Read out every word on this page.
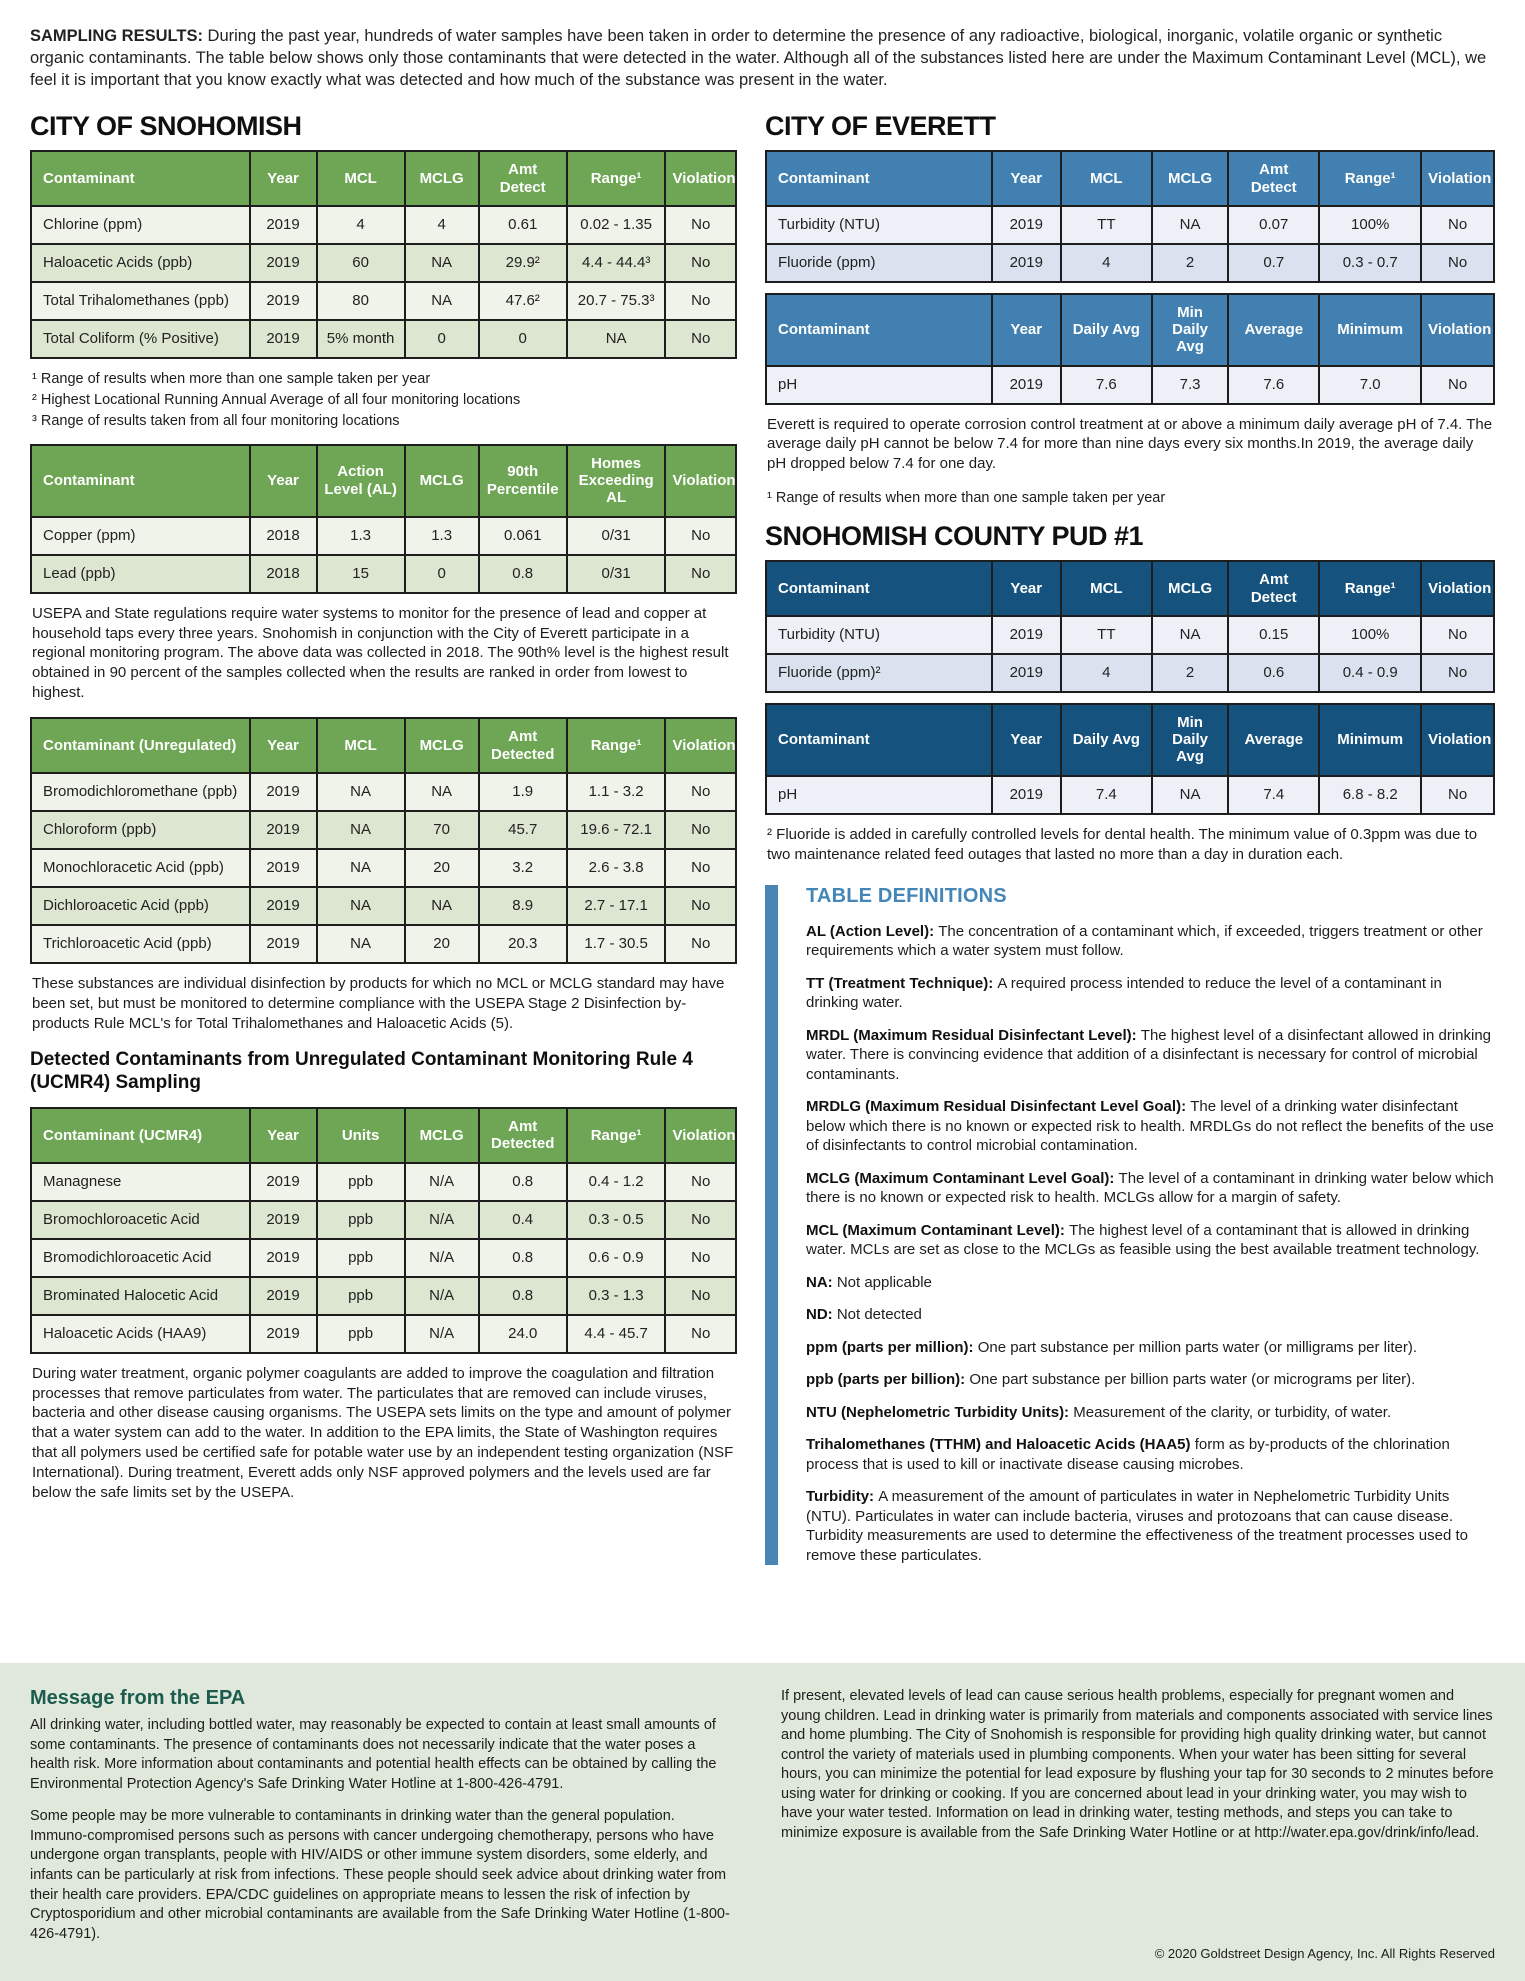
SAMPLING RESULTS: During the past year, hundreds of water samples have been taken in order to determine the presence of any radioactive, biological, inorganic, volatile organic or synthetic organic contaminants. The table below shows only those contaminants that were detected in the water. Although all of the substances listed here are under the Maximum Contaminant Level (MCL), we feel it is important that you know exactly what was detected and how much of the substance was present in the water.

CITY OF SNOHOMISH
Contaminant	Year	MCL	MCLG	Amt Detect	Range¹	Violation
Chlorine (ppm)	2019	4	4	0.61	0.02 - 1.35	No
Haloacetic Acids (ppb)	2019	60	NA	29.9²	4.4 - 44.4³	No
Total Trihalomethanes (ppb)	2019	80	NA	47.6²	20.7 - 75.3³	No
Total Coliform (% Positive)	2019	5% month	0	0	NA	No
¹ Range of results when more than one sample taken per year
² Highest Locational Running Annual Average of all four monitoring locations
³ Range of results taken from all four monitoring locations
Contaminant	Year	Action Level (AL)	MCLG	90th Percentile	Homes Exceeding AL	Violation
Copper (ppm)	2018	1.3	1.3	0.061	0/31	No
Lead (ppb)	2018	15	0	0.8	0/31	No

USEPA and State regulations require water systems to monitor for the presence of lead and copper at household taps every three years. Snohomish in conjunction with the City of Everett participate in a regional monitoring program. The above data was collected in 2018. The 90th% level is the highest result obtained in 90 percent of the samples collected when the results are ranked in order from lowest to highest.

Contaminant (Unregulated)	Year	MCL	MCLG	Amt Detected	Range¹	Violation
Bromodichloromethane (ppb)	2019	NA	NA	1.9	1.1 - 3.2	No
Chloroform (ppb)	2019	NA	70	45.7	19.6 - 72.1	No
Monochloracetic Acid (ppb)	2019	NA	20	3.2	2.6 - 3.8	No
Dichloroacetic Acid (ppb)	2019	NA	NA	8.9	2.7 - 17.1	No
Trichloroacetic Acid (ppb)	2019	NA	20	20.3	1.7 - 30.5	No

These substances are individual disinfection by products for which no MCL or MCLG standard may have been set, but must be monitored to determine compliance with the USEPA Stage 2 Disinfection by-products Rule MCL's for Total Trihalomethanes and Haloacetic Acids (5).

Detected Contaminants from Unregulated Contaminant Monitoring Rule 4 (UCMR4) Sampling
Contaminant (UCMR4)	Year	Units	MCLG	Amt Detected	Range¹	Violation
Managnese	2019	ppb	N/A	0.8	0.4 - 1.2	No
Bromochloroacetic Acid	2019	ppb	N/A	0.4	0.3 - 0.5	No
Bromodichloroacetic Acid	2019	ppb	N/A	0.8	0.6 - 0.9	No
Brominated Halocetic Acid	2019	ppb	N/A	0.8	0.3 - 1.3	No
Haloacetic Acids (HAA9)	2019	ppb	N/A	24.0	4.4 - 45.7	No

During water treatment, organic polymer coagulants are added to improve the coagulation and filtration processes that remove particulates from water. The particulates that are removed can include viruses, bacteria and other disease causing organisms. The USEPA sets limits on the type and amount of polymer that a water system can add to the water. In addition to the EPA limits, the State of Washington requires that all polymers used be certified safe for potable water use by an independent testing organization (NSF International). During treatment, Everett adds only NSF approved polymers and the levels used are far below the safe limits set by the USEPA.

CITY OF EVERETT
Contaminant	Year	MCL	MCLG	Amt Detect	Range¹	Violation
Turbidity (NTU)	2019	TT	NA	0.07	100%	No
Fluoride (ppm)	2019	4	2	0.7	0.3 - 0.7	No
Contaminant	Year	Daily Avg	Min Daily Avg	Average	Minimum	Violation
pH	2019	7.6	7.3	7.6	7.0	No

Everett is required to operate corrosion control treatment at or above a minimum daily average pH of 7.4. The average daily pH cannot be below 7.4 for more than nine days every six months.In 2019, the average daily pH dropped below 7.4 for one day.

¹ Range of results when more than one sample taken per year
SNOHOMISH COUNTY PUD #1
Contaminant	Year	MCL	MCLG	Amt Detect	Range¹	Violation
Turbidity (NTU)	2019	TT	NA	0.15	100%	No
Fluoride (ppm)²	2019	4	2	0.6	0.4 - 0.9	No
Contaminant	Year	Daily Avg	Min Daily Avg	Average	Minimum	Violation
pH	2019	7.4	NA	7.4	6.8 - 8.2	No

² Fluoride is added in carefully controlled levels for dental health. The minimum value of 0.3ppm was due to two maintenance related feed outages that lasted no more than a day in duration each.

TABLE DEFINITIONS

AL (Action Level): The concentration of a contaminant which, if exceeded, triggers treatment or other requirements which a water system must follow.

TT (Treatment Technique): A required process intended to reduce the level of a contaminant in drinking water.

MRDL (Maximum Residual Disinfectant Level): The highest level of a disinfectant allowed in drinking water. There is convincing evidence that addition of a disinfectant is necessary for control of microbial contaminants.

MRDLG (Maximum Residual Disinfectant Level Goal): The level of a drinking water disinfectant below which there is no known or expected risk to health. MRDLGs do not reflect the benefits of the use of disinfectants to control microbial contamination.

MCLG (Maximum Contaminant Level Goal): The level of a contaminant in drinking water below which there is no known or expected risk to health. MCLGs allow for a margin of safety.

MCL (Maximum Contaminant Level): The highest level of a contaminant that is allowed in drinking water. MCLs are set as close to the MCLGs as feasible using the best available treatment technology.

NA: Not applicable

ND: Not detected

ppm (parts per million): One part substance per million parts water (or milligrams per liter).

ppb (parts per billion): One part substance per billion parts water (or micrograms per liter).

NTU (Nephelometric Turbidity Units): Measurement of the clarity, or turbidity, of water.

Trihalomethanes (TTHM) and Haloacetic Acids (HAA5) form as by-products of the chlorination process that is used to kill or inactivate disease causing microbes.

Turbidity: A measurement of the amount of particulates in water in Nephelometric Turbidity Units (NTU). Particulates in water can include bacteria, viruses and protozoans that can cause disease. Turbidity measurements are used to determine the effectiveness of the treatment processes used to remove these particulates.

Message from the EPA

All drinking water, including bottled water, may reasonably be expected to contain at least small amounts of some contaminants. The presence of contaminants does not necessarily indicate that the water poses a health risk. More information about contaminants and potential health effects can be obtained by calling the Environmental Protection Agency's Safe Drinking Water Hotline at 1-800-426-4791.

Some people may be more vulnerable to contaminants in drinking water than the general population. Immuno-compromised persons such as persons with cancer undergoing chemotherapy, persons who have undergone organ transplants, people with HIV/AIDS or other immune system disorders, some elderly, and infants can be particularly at risk from infections. These people should seek advice about drinking water from their health care providers. EPA/CDC guidelines on appropriate means to lessen the risk of infection by Cryptosporidium and other microbial contaminants are available from the Safe Drinking Water Hotline (1-800-426-4791).

If present, elevated levels of lead can cause serious health problems, especially for pregnant women and young children. Lead in drinking water is primarily from materials and components associated with service lines and home plumbing. The City of Snohomish is responsible for providing high quality drinking water, but cannot control the variety of materials used in plumbing components. When your water has been sitting for several hours, you can minimize the potential for lead exposure by flushing your tap for 30 seconds to 2 minutes before using water for drinking or cooking. If you are concerned about lead in your drinking water, you may wish to have your water tested. Information on lead in drinking water, testing methods, and steps you can take to minimize exposure is available from the Safe Drinking Water Hotline or at http://water.epa.gov/drink/info/lead.

© 2020 Goldstreet Design Agency, Inc. All Rights Reserved
